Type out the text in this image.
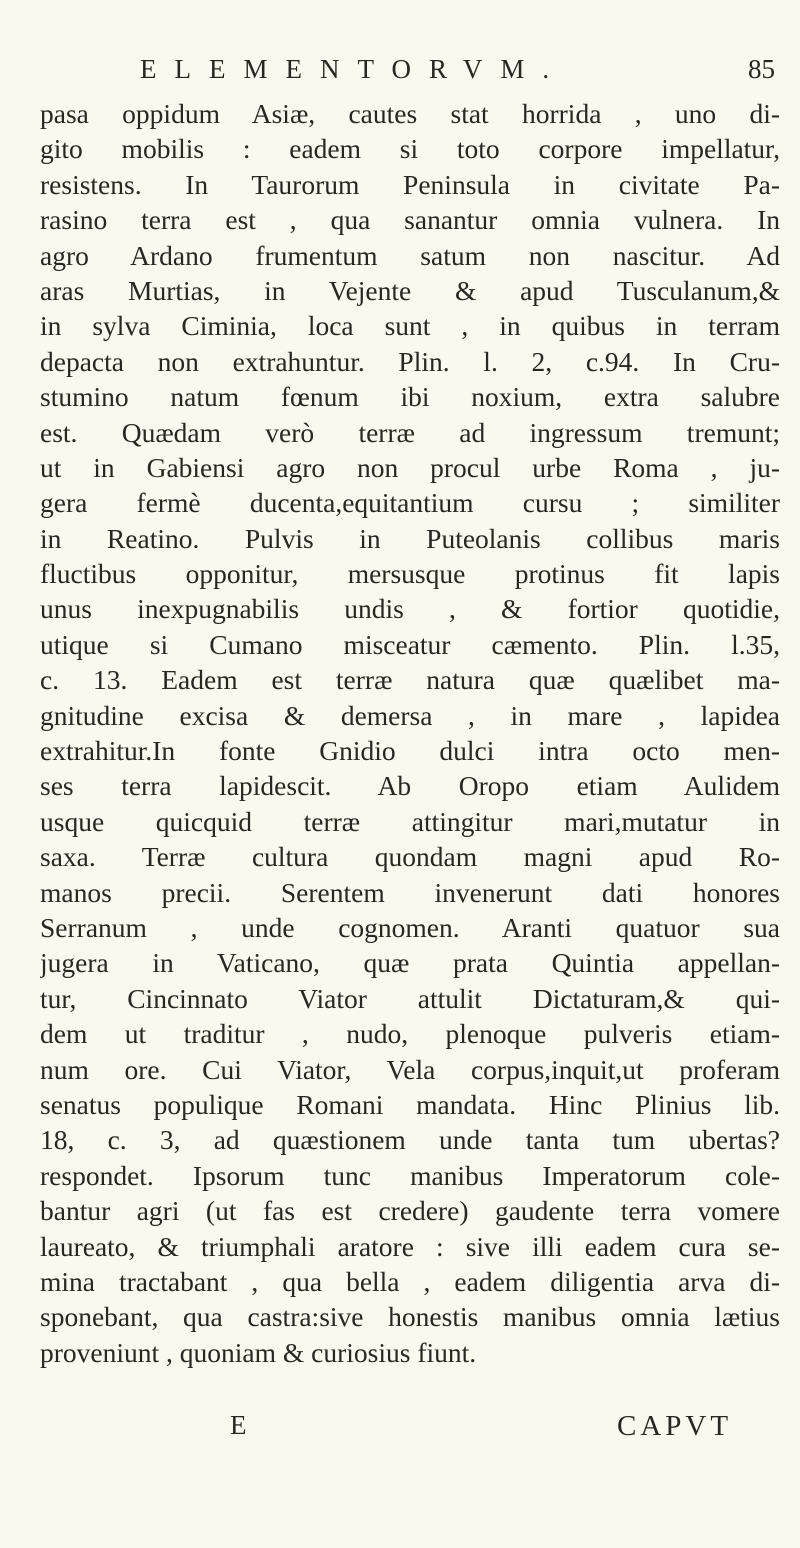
ELEMENTORVM.	85
pasa oppidum Asiæ, cautes stat horrida , uno di-
gito mobilis : eadem si toto corpore impellatur,
resistens. In Taurorum Peninsula in civitate Pa-
rasino terra est , qua sanantur omnia vulnera. In
agro Ardano frumentum satum non nascitur. Ad
aras Murtias, in Vejente & apud Tusculanum,&
in sylva Ciminia, loca sunt , in quibus in terram
depacta non extrahuntur. Plin. l. 2, c.94. In Cru-
stumino natum fœnum ibi noxium, extra salubre
est. Quædam verò terræ ad ingressum tremunt;
ut in Gabiensi agro non procul urbe Roma , ju-
gera fermè ducenta,equitantium cursu ; similiter
in Reatino. Pulvis in Puteolanis collibus maris
fluctibus opponitur, mersusque protinus fit lapis
unus inexpugnabilis undis , & fortior quotidie,
utique si Cumano misceatur cæmento. Plin. l.35,
c. 13. Eadem est terræ natura quæ quælibet ma-
gnitudine excisa & demersa , in mare , lapidea
extrahitur.In fonte Gnidio dulci intra octo men-
ses terra lapidescit. Ab Oropo etiam Aulidem
usque quicquid terræ attingitur mari,mutatur in
saxa. Terræ cultura quondam magni apud Ro-
manos precii. Serentem invenerunt dati honores
Serranum , unde cognomen. Aranti quatuor sua
jugera in Vaticano, quæ prata Quintia appellan-
tur, Cincinnato Viator attulit Dictaturam,& qui-
dem ut traditur , nudo, plenoque pulveris etiam-
num ore. Cui Viator, Vela corpus,inquit,ut proferam
senatus populique Romani mandata. Hinc Plinius lib.
18, c. 3, ad quæstionem unde tanta tum ubertas?
respondet. Ipsorum tunc manibus Imperatorum cole-
bantur agri (ut fas est credere) gaudente terra vomere
laureato, & triumphali aratore : sive illi eadem cura se-
mina tractabant , qua bella , eadem diligentia arva di-
sponebant, qua castra:sive honestis manibus omnia lætius
proveniunt , quoniam & curiosius fiunt.
E	CAPVT
